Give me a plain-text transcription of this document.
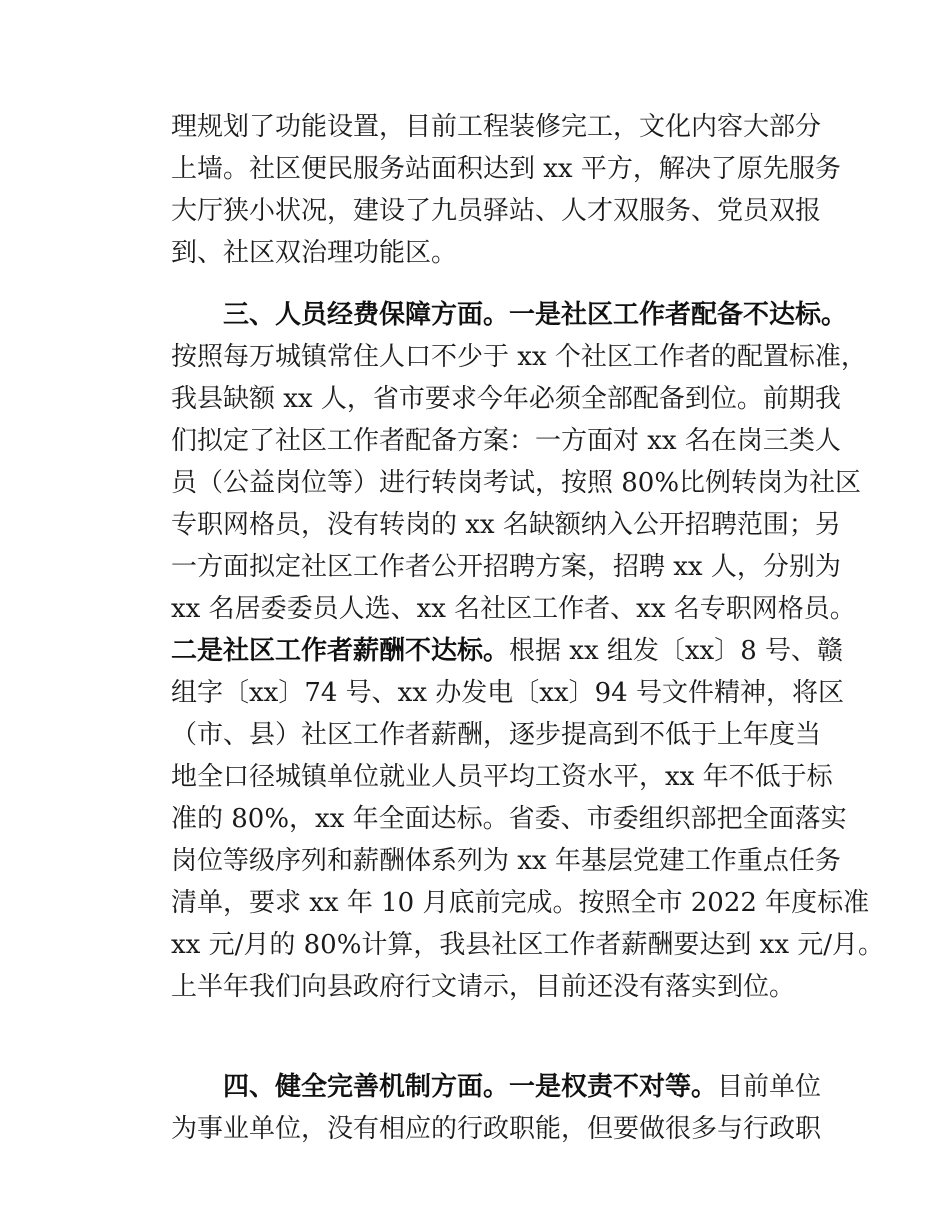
理规划了功能设置，目前工程装修完工，文化内容大部分
上墙。社区便民服务站面积达到 xx 平方，解决了原先服务
大厅狭小状况，建设了九员驿站、人才双服务、党员双报
到、社区双治理功能区。
三、人员经费保障方面。一是社区工作者配备不达标。
按照每万城镇常住人口不少于 xx 个社区工作者的配置标准，
我县缺额 xx 人，省市要求今年必须全部配备到位。前期我
们拟定了社区工作者配备方案：一方面对 xx 名在岗三类人
员（公益岗位等）进行转岗考试，按照 80%比例转岗为社区
专职网格员，没有转岗的 xx 名缺额纳入公开招聘范围；另
一方面拟定社区工作者公开招聘方案，招聘 xx 人，分别为
xx 名居委委员人选、xx 名社区工作者、xx 名专职网格员。
二是社区工作者薪酬不达标。根据 xx 组发〔xx〕8 号、赣
组字〔xx〕74 号、xx 办发电〔xx〕94 号文件精神，将区
（市、县）社区工作者薪酬，逐步提高到不低于上年度当
地全口径城镇单位就业人员平均工资水平，xx 年不低于标
准的 80%，xx 年全面达标。省委、市委组织部把全面落实
岗位等级序列和薪酬体系列为 xx 年基层党建工作重点任务
清单，要求 xx 年 10 月底前完成。按照全市 2022 年度标准
xx 元/月的 80%计算，我县社区工作者薪酬要达到 xx 元/月。
上半年我们向县政府行文请示，目前还没有落实到位。
四、健全完善机制方面。一是权责不对等。目前单位
为事业单位，没有相应的行政职能，但要做很多与行政职
